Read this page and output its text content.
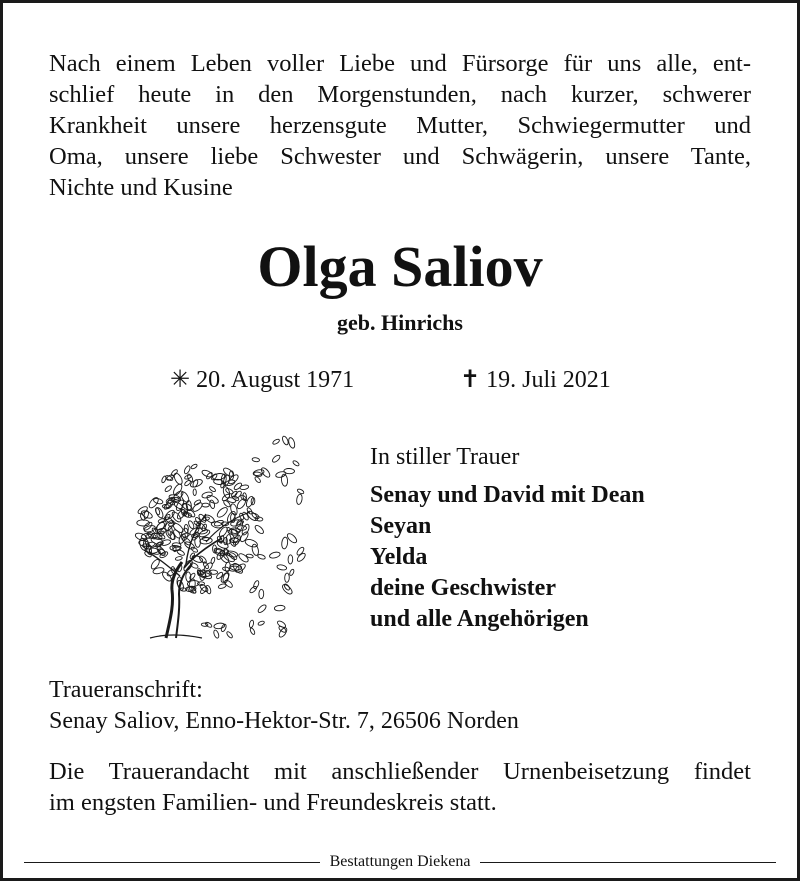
Nach einem Leben voller Liebe und Fürsorge für uns alle, ent-
schlief heute in den Morgenstunden, nach kurzer, schwerer
Krankheit unsere herzensgute Mutter, Schwiegermutter und
Oma, unsere liebe Schwester und Schwägerin, unsere Tante,
Nichte und Kusine
Olga Saliov
geb. Hinrichs
✳ 20. August 1971	✝ 19. Juli 2021
In stiller Trauer
Senay und David mit Dean
Seyan
Yelda
deine Geschwister
und alle Angehörigen
Traueranschrift:
Senay Saliov, Enno-Hektor-Str. 7, 26506 Norden
Die Trauerandacht mit anschließender Urnenbeisetzung findet
im engsten Familien- und Freundeskreis statt.
Bestattungen Diekena
